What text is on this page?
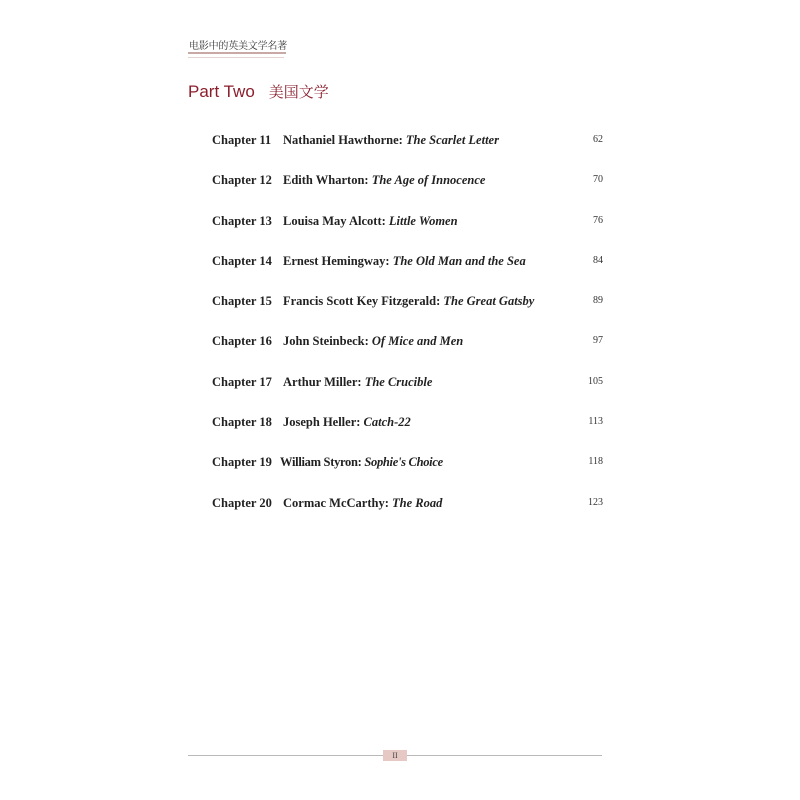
电影中的英美文学名著
Part Two 美国文学
Chapter 11 Nathaniel Hawthorne: The Scarlet Letter	62
Chapter 12 Edith Wharton: The Age of Innocence	70
Chapter 13 Louisa May Alcott: Little Women	76
Chapter 14 Ernest Hemingway: The Old Man and the Sea	84
Chapter 15 Francis Scott Key Fitzgerald: The Great Gatsby	89
Chapter 16 John Steinbeck: Of Mice and Men	97
Chapter 17 Arthur Miller: The Crucible	105
Chapter 18 Joseph Heller: Catch-22	113
Chapter 19 William Styron: Sophie's Choice	118
Chapter 20 Cormac McCarthy: The Road	123
II
